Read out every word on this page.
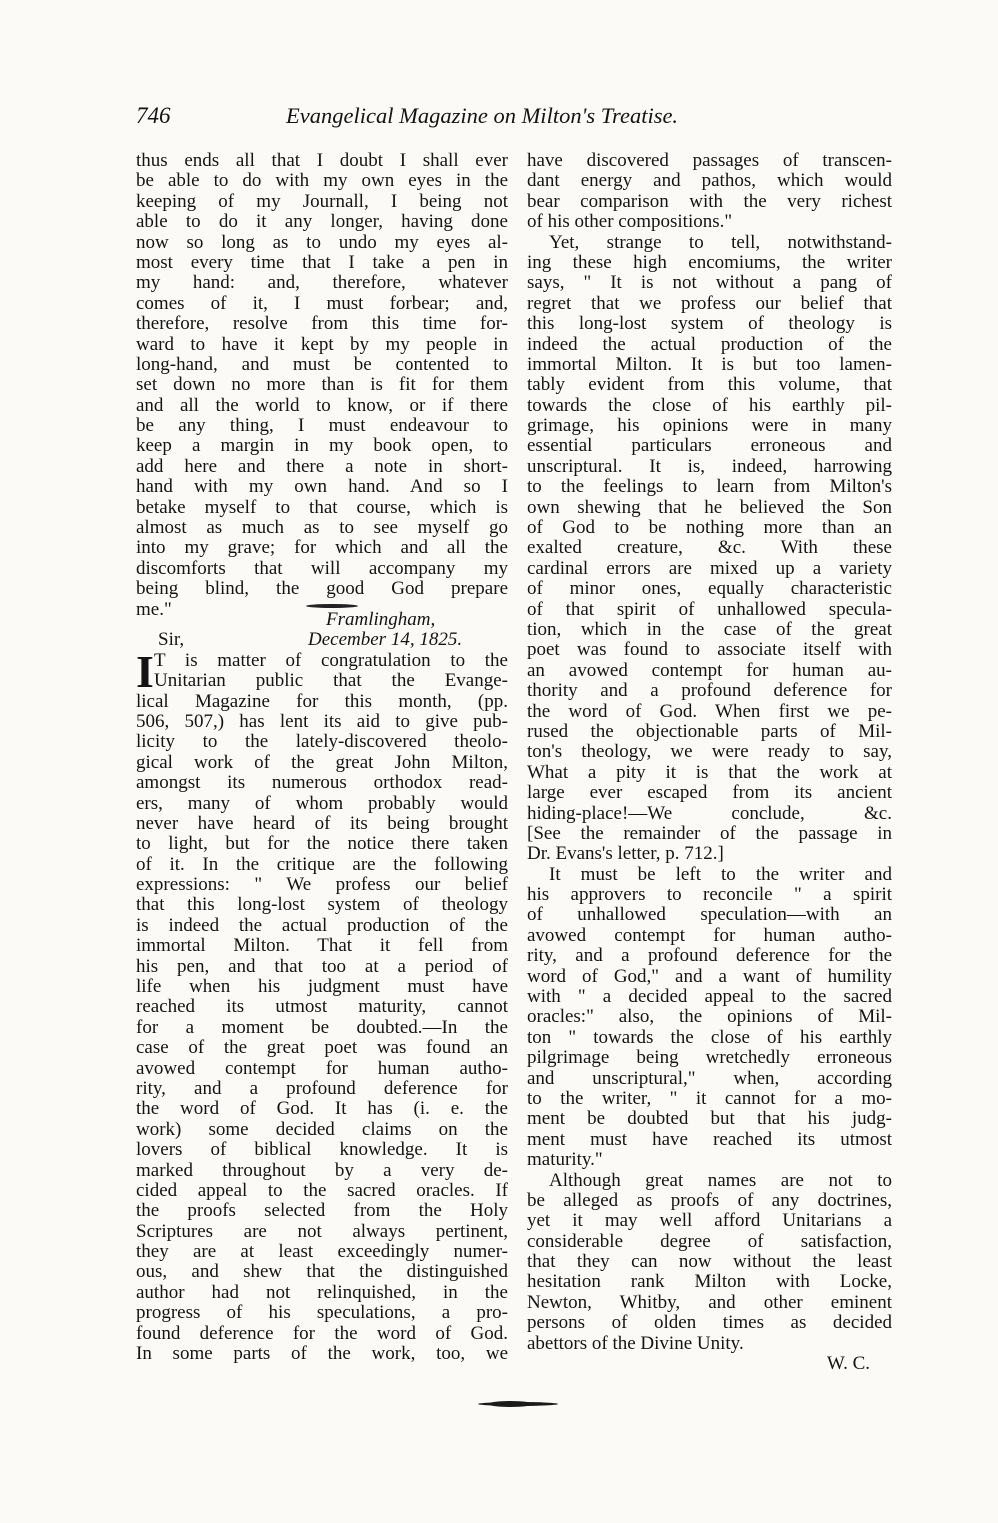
746	Evangelical Magazine on Milton's Treatise.
thus ends all that I doubt I shall ever
be able to do with my own eyes in the
keeping of my Journall, I being not
able to do it any longer, having done
now so long as to undo my eyes al-
most every time that I take a pen in
my hand: and, therefore, whatever
comes of it, I must forbear; and,
therefore, resolve from this time for-
ward to have it kept by my people in
long-hand, and must be contented to
set down no more than is fit for them
and all the world to know, or if there
be any thing, I must endeavour to
keep a margin in my book open, to
add here and there a note in short-
hand with my own hand. And so I
betake myself to that course, which is
almost as much as to see myself go
into my grave; for which and all the
discomforts that will accompany my
being blind, the good God prepare
me."	Framlingham,
Sir,	December 14, 1825.
I T is matter of congratulation to the
Unitarian public that the Evange-
lical Magazine for this month, (pp.
506, 507,) has lent its aid to give pub-
licity to the lately-discovered theolo-
gical work of the great John Milton,
amongst its numerous orthodox read-
ers, many of whom probably would
never have heard of its being brought
to light, but for the notice there taken
of it. In the critique are the following
expressions: " We profess our belief
that this long-lost system of theology
is indeed the actual production of the
immortal Milton. That it fell from
his pen, and that too at a period of
life when his judgment must have
reached its utmost maturity, cannot
for a moment be doubted.—In the
case of the great poet was found an
avowed contempt for human autho-
rity, and a profound deference for
the word of God. It has (i. e. the
work) some decided claims on the
lovers of biblical knowledge. It is
marked throughout by a very de-
cided appeal to the sacred oracles. If
the proofs selected from the Holy
Scriptures are not always pertinent,
they are at least exceedingly numer-
ous, and shew that the distinguished
author had not relinquished, in the
progress of his speculations, a pro-
found deference for the word of God.
In some parts of the work, too, we
have discovered passages of transcen-
dant energy and pathos, which would
bear comparison with the very richest
of his other compositions."
Yet, strange to tell, notwithstand-
ing these high encomiums, the writer
says, " It is not without a pang of
regret that we profess our belief that
this long-lost system of theology is
indeed the actual production of the
immortal Milton. It is but too lamen-
tably evident from this volume, that
towards the close of his earthly pil-
grimage, his opinions were in many
essential particulars erroneous and
unscriptural. It is, indeed, harrowing
to the feelings to learn from Milton's
own shewing that he believed the Son
of God to be nothing more than an
exalted creature, &c. With these
cardinal errors are mixed up a variety
of minor ones, equally characteristic
of that spirit of unhallowed specula-
tion, which in the case of the great
poet was found to associate itself with
an avowed contempt for human au-
thority and a profound deference for
the word of God. When first we pe-
rused the objectionable parts of Mil-
ton's theology, we were ready to say,
What a pity it is that the work at
large ever escaped from its ancient
hiding-place!—We conclude, &c.
[See the remainder of the passage in
Dr. Evans's letter, p. 712.]
It must be left to the writer and
his approvers to reconcile " a spirit
of unhallowed speculation—with an
avowed contempt for human autho-
rity, and a profound deference for the
word of God," and a want of humility
with " a decided appeal to the sacred
oracles:" also, the opinions of Mil-
ton " towards the close of his earthly
pilgrimage being wretchedly erroneous
and unscriptural," when, according
to the writer, " it cannot for a mo-
ment be doubted but that his judg-
ment must have reached its utmost
maturity."
Although great names are not to
be alleged as proofs of any doctrines,
yet it may well afford Unitarians a
considerable degree of satisfaction,
that they can now without the least
hesitation rank Milton with Locke,
Newton, Whitby, and other eminent
persons of olden times as decided
abettors of the Divine Unity.
W. C.
